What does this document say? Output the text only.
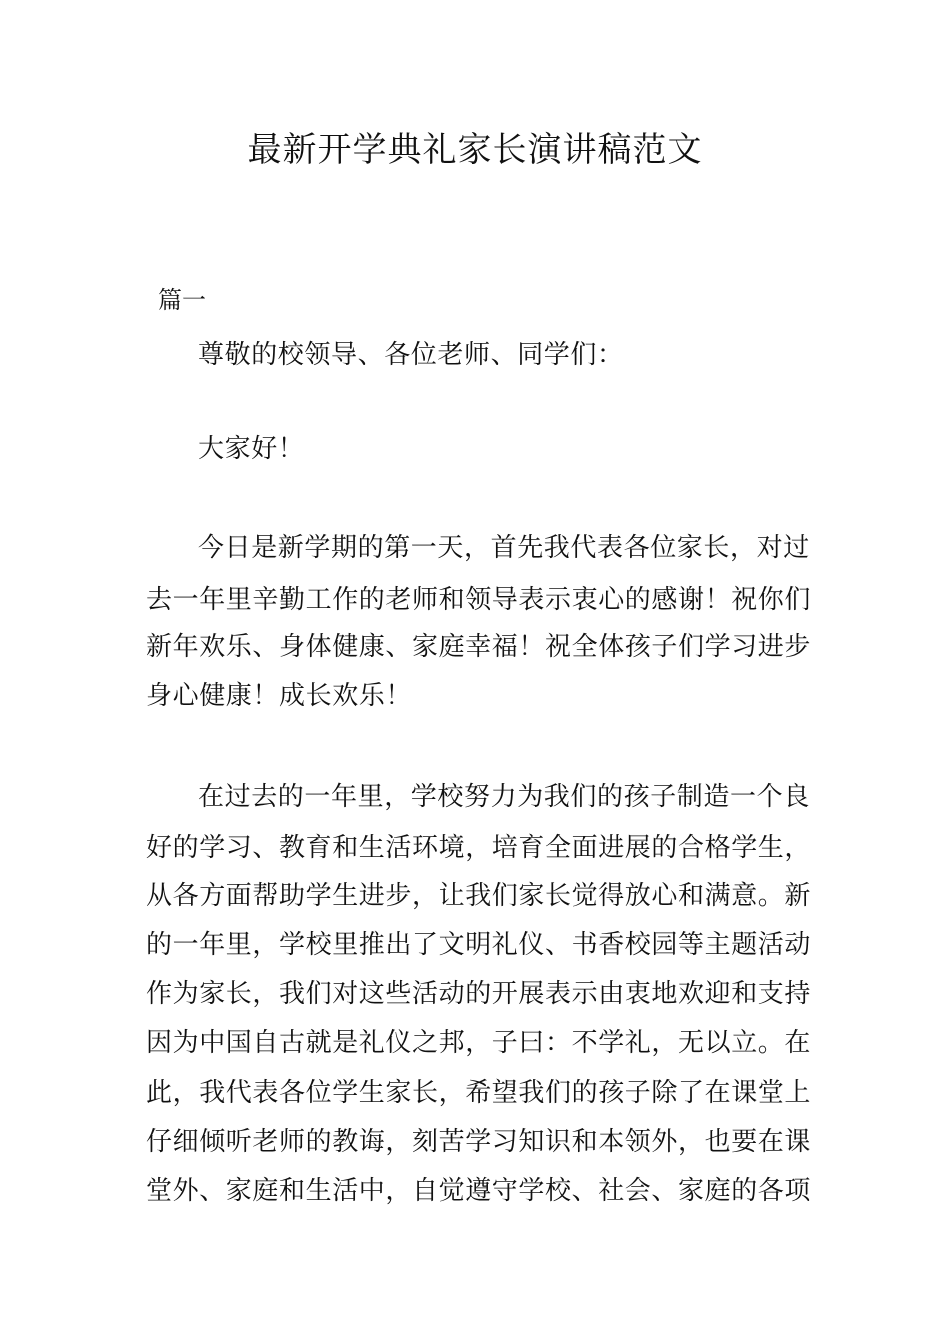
最新开学典礼家长演讲稿范文
篇一
尊敬的校领导、各位老师、同学们：
大家好！
今日是新学期的第一天，首先我代表各位家长，对过
去一年里辛勤工作的老师和领导表示衷心的感谢！祝你们
新年欢乐、身体健康、家庭幸福！祝全体孩子们学习进步
身心健康！成长欢乐！
在过去的一年里，学校努力为我们的孩子制造一个良
好的学习、教育和生活环境，培育全面进展的合格学生，
从各方面帮助学生进步，让我们家长觉得放心和满意。新
的一年里，学校里推出了文明礼仪、书香校园等主题活动
作为家长，我们对这些活动的开展表示由衷地欢迎和支持
因为中国自古就是礼仪之邦，子曰：不学礼，无以立。在
此，我代表各位学生家长，希望我们的孩子除了在课堂上
仔细倾听老师的教诲，刻苦学习知识和本领外，也要在课
堂外、家庭和生活中，自觉遵守学校、社会、家庭的各项
